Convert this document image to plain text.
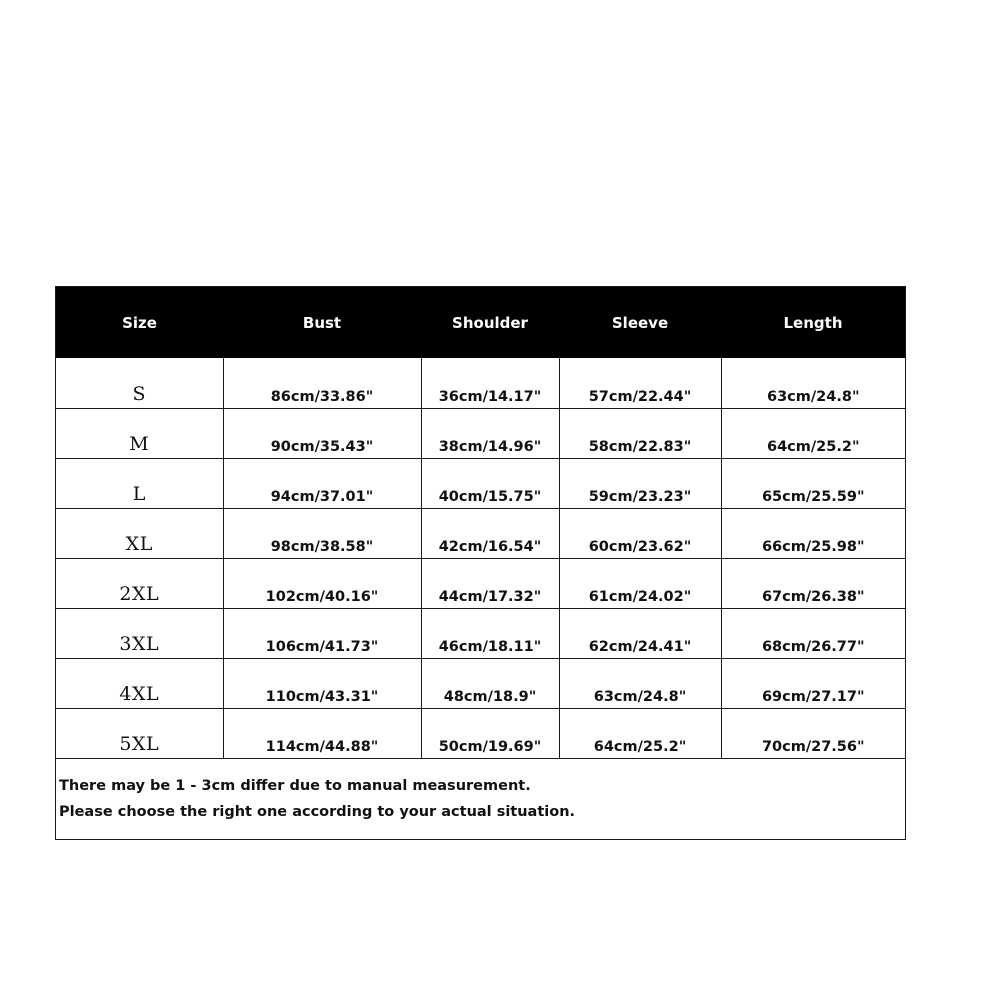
Size	Bust	Shoulder	Sleeve	Length
S	86cm/33.86"	36cm/14.17"	57cm/22.44"	63cm/24.8"
M	90cm/35.43"	38cm/14.96"	58cm/22.83"	64cm/25.2"
L	94cm/37.01"	40cm/15.75"	59cm/23.23"	65cm/25.59"
XL	98cm/38.58"	42cm/16.54"	60cm/23.62"	66cm/25.98"
2XL	102cm/40.16"	44cm/17.32"	61cm/24.02"	67cm/26.38"
3XL	106cm/41.73"	46cm/18.11"	62cm/24.41"	68cm/26.77"
4XL	110cm/43.31"	48cm/18.9"	63cm/24.8"	69cm/27.17"
5XL	114cm/44.88"	50cm/19.69"	64cm/25.2"	70cm/27.56"
There may be 1 - 3cm differ due to manual measurement.
Please choose the right one according to your actual situation.
